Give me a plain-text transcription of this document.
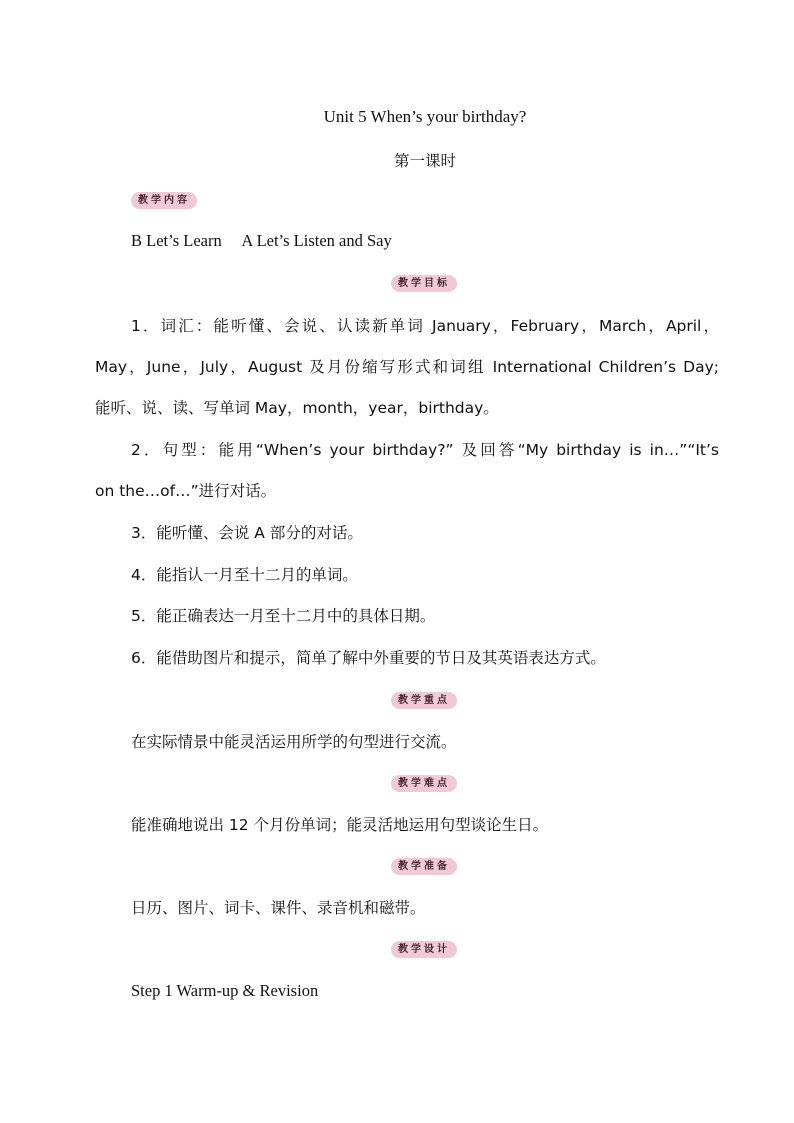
Unit 5 When’s your birthday?
第一课时
教学内容
B Let’s Learn　 A Let’s Listen and Say
教学目标
1．词汇：能听懂、会说、认读新单词 January，February，March，April，
May，June，July，August 及月份缩写形式和词组 International Children’s Day;
能听、说、读、写单词 May，month，year，birthday。
2．句型：能用“When’s your birthday?” 及回答“My birthday is in…”“It’s
on the…of…”进行对话。
3．能听懂、会说 A 部分的对话。
4．能指认一月至十二月的单词。
5．能正确表达一月至十二月中的具体日期。
6．能借助图片和提示，简单了解中外重要的节日及其英语表达方式。
教学重点
在实际情景中能灵活运用所学的句型进行交流。
教学难点
能准确地说出 12 个月份单词；能灵活地运用句型谈论生日。
教学准备
日历、图片、词卡、课件、录音机和磁带。
教学设计
Step 1 Warm-up & Revision
